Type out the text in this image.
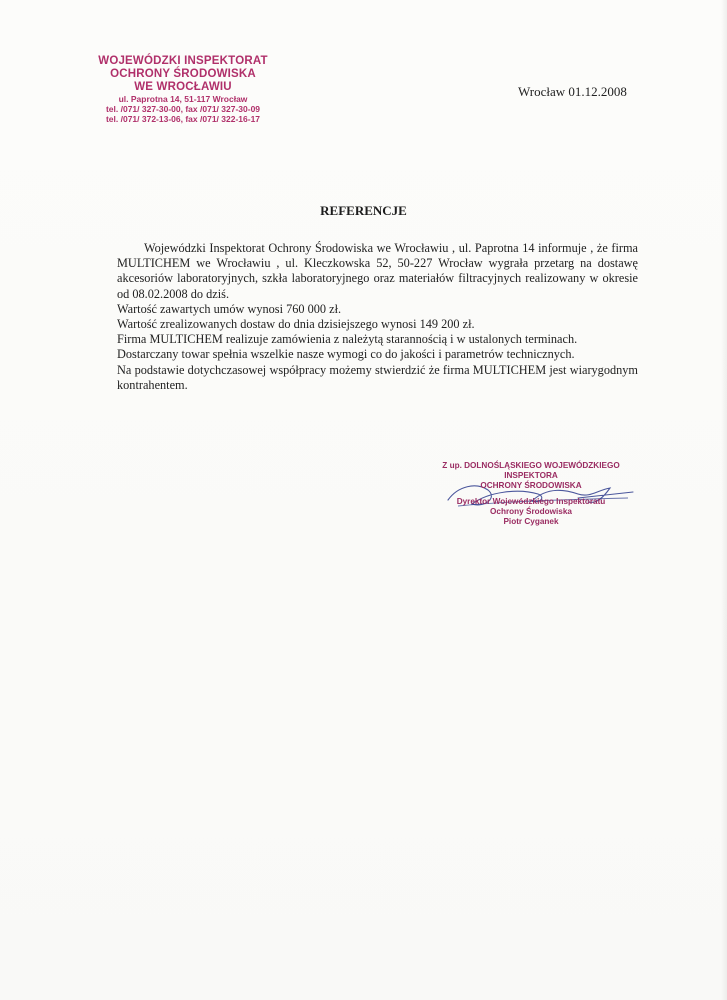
WOJEWÓDZKI INSPEKTORAT
OCHRONY ŚRODOWISKA
WE WROCŁAWIU
ul. Paprotna 14, 51-117 Wrocław
tel. /071/ 327-30-00, fax /071/ 327-30-09
tel. /071/ 372-13-06, fax /071/ 322-16-17
Wrocław 01.12.2008
REFERENCJE

Wojewódzki Inspektorat Ochrony Środowiska we Wrocławiu , ul. Paprotna 14 informuje , że firma MULTICHEM we Wrocławiu , ul. Kleczkowska 52, 50-227 Wrocław wygrała przetarg na dostawę akcesoriów laboratoryjnych, szkła laboratoryjnego oraz materiałów filtracyjnych realizowany w okresie od 08.02.2008 do dziś.

Wartość zawartych umów wynosi 760 000 zł.

Wartość zrealizowanych dostaw do dnia dzisiejszego wynosi 149 200 zł.

Firma MULTICHEM realizuje zamówienia z należytą starannością i w ustalonych terminach.

Dostarczany towar spełnia wszelkie nasze wymogi co do jakości i parametrów technicznych.

Na podstawie dotychczasowej współpracy możemy stwierdzić że firma MULTICHEM jest wiarygodnym kontrahentem.

Z up. DOLNOŚLĄSKIEGO WOJEWÓDZKIEGO
INSPEKTORA
OCHRONY ŚRODOWISKA
Dyrektor Wojewódzkiego Inspektoratu
Ochrony Środowiska
Piotr Cyganek
